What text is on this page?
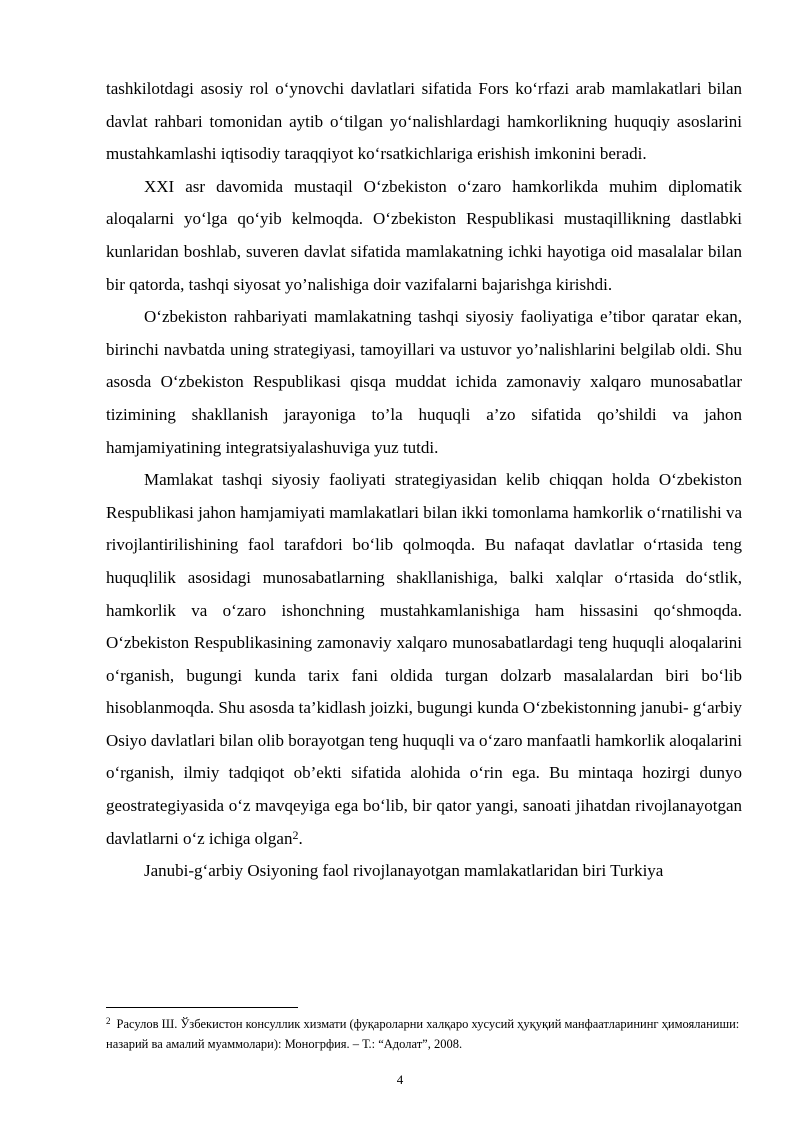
tashkilotdagi asosiy rol o‘ynovchi davlatlari sifatida Fors ko‘rfazi arab mamlakatlari bilan davlat rahbari tomonidan aytib o‘tilgan yo‘nalishlardagi hamkorlikning huquqiy asoslarini mustahkamlashi iqtisodiy taraqqiyot ko‘rsatkichlariga erishish imkonini beradi.

XXI asr davomida mustaqil O‘zbekiston o‘zaro hamkorlikda muhim diplomatik aloqalarni yo‘lga qo‘yib kelmoqda. O‘zbekiston Respublikasi mustaqillikning dastlabki kunlaridan boshlab, suveren davlat sifatida mamlakatning ichki hayotiga oid masalalar bilan bir qatorda, tashqi siyosat yo’nalishiga doir vazifalarni bajarishga kirishdi.

O‘zbekiston rahbariyati mamlakatning tashqi siyosiy faoliyatiga e’tibor qaratar ekan, birinchi navbatda uning strategiyasi, tamoyillari va ustuvor yo’nalishlarini belgilab oldi. Shu asosda O‘zbekiston Respublikasi qisqa muddat ichida zamonaviy xalqaro munosabatlar tizimining shakllanish jarayoniga to’la huquqli a’zo sifatida qo’shildi va jahon hamjamiyatining integratsiyalashuviga yuz tutdi.

Mamlakat tashqi siyosiy faoliyati strategiyasidan kelib chiqqan holda O‘zbekiston Respublikasi jahon hamjamiyati mamlakatlari bilan ikki tomonlama hamkorlik o‘rnatilishi va rivojlantirilishining faol tarafdori bo‘lib qolmoqda. Bu nafaqat davlatlar o‘rtasida teng huquqlilik asosidagi munosabatlarning shakllanishiga, balki xalqlar o‘rtasida do‘stlik, hamkorlik va o‘zaro ishonchning mustahkamlanishiga ham hissasini qo‘shmoqda. O‘zbekiston Respublikasining zamonaviy xalqaro munosabatlardagi teng huquqli aloqalarini o‘rganish, bugungi kunda tarix fani oldida turgan dolzarb masalalardan biri bo‘lib hisoblanmoqda. Shu asosda ta’kidlash joizki, bugungi kunda O‘zbekistonning janubi- g‘arbiy Osiyo davlatlari bilan olib borayotgan teng huquqli va o‘zaro manfaatli hamkorlik aloqalarini o‘rganish, ilmiy tadqiqot ob’ekti sifatida alohida o‘rin ega. Bu mintaqa hozirgi dunyo geostrategiyasida o‘z mavqeyiga ega bo‘lib, bir qator yangi, sanoati jihatdan rivojlanayotgan davlatlarni o‘z ichiga olgan$^2$.

Janubi-g‘arbiy Osiyoning faol rivojlanayotgan mamlakatlaridan biri Turkiya

$^2$ Расулов Ш. Ўзбекистон консуллик хизмати (фуқароларни халқаро хусусий ҳуқуқий манфаатларининг ҳимояланиши: назарий ва амалий муаммолари): Моногрфия. – Т.: “Адолат”, 2008.
4
